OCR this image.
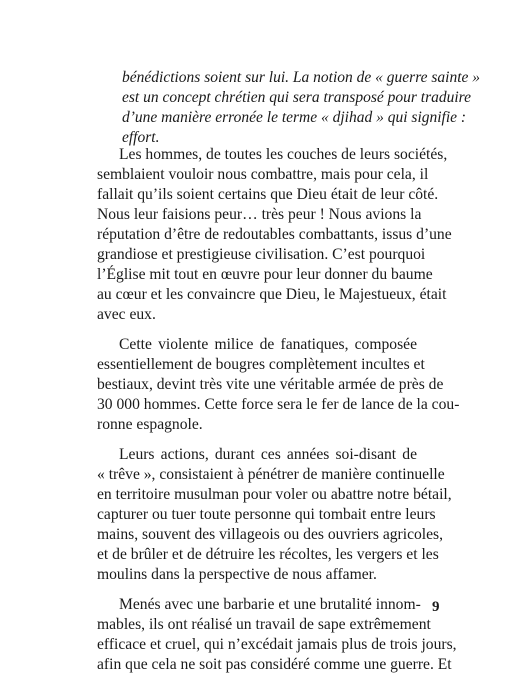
bénédictions soient sur lui. La notion de « guerre sainte »
est un concept chrétien qui sera transposé pour traduire
d’une manière erronée le terme « djihad » qui signifie :
effort.
Les hommes, de toutes les couches de leurs sociétés,
semblaient vouloir nous combattre, mais pour cela, il
fallait qu’ils soient certains que Dieu était de leur côté.
Nous leur faisions peur… très peur ! Nous avions la
réputation d’être de redoutables combattants, issus d’une
grandiose et prestigieuse civilisation. C’est pourquoi
l’Église mit tout en œuvre pour leur donner du baume
au cœur et les convaincre que Dieu, le Majestueux, était
avec eux.
Cette violente milice de fanatiques, composée
essentiellement de bougres complètement incultes et
bestiaux, devint très vite une véritable armée de près de
30 000 hommes. Cette force sera le fer de lance de la cou-
ronne espagnole.
Leurs actions, durant ces années soi-disant de
« trêve », consistaient à pénétrer de manière continuelle
en territoire musulman pour voler ou abattre notre bétail,
capturer ou tuer toute personne qui tombait entre leurs
mains, souvent des villageois ou des ouvriers agricoles,
et de brûler et de détruire les récoltes, les vergers et les
moulins dans la perspective de nous affamer.
Menés avec une barbarie et une brutalité innom-
mables, ils ont réalisé un travail de sape extrêmement
efficace et cruel, qui n’excédait jamais plus de trois jours,
afin que cela ne soit pas considéré comme une guerre. Et
9
